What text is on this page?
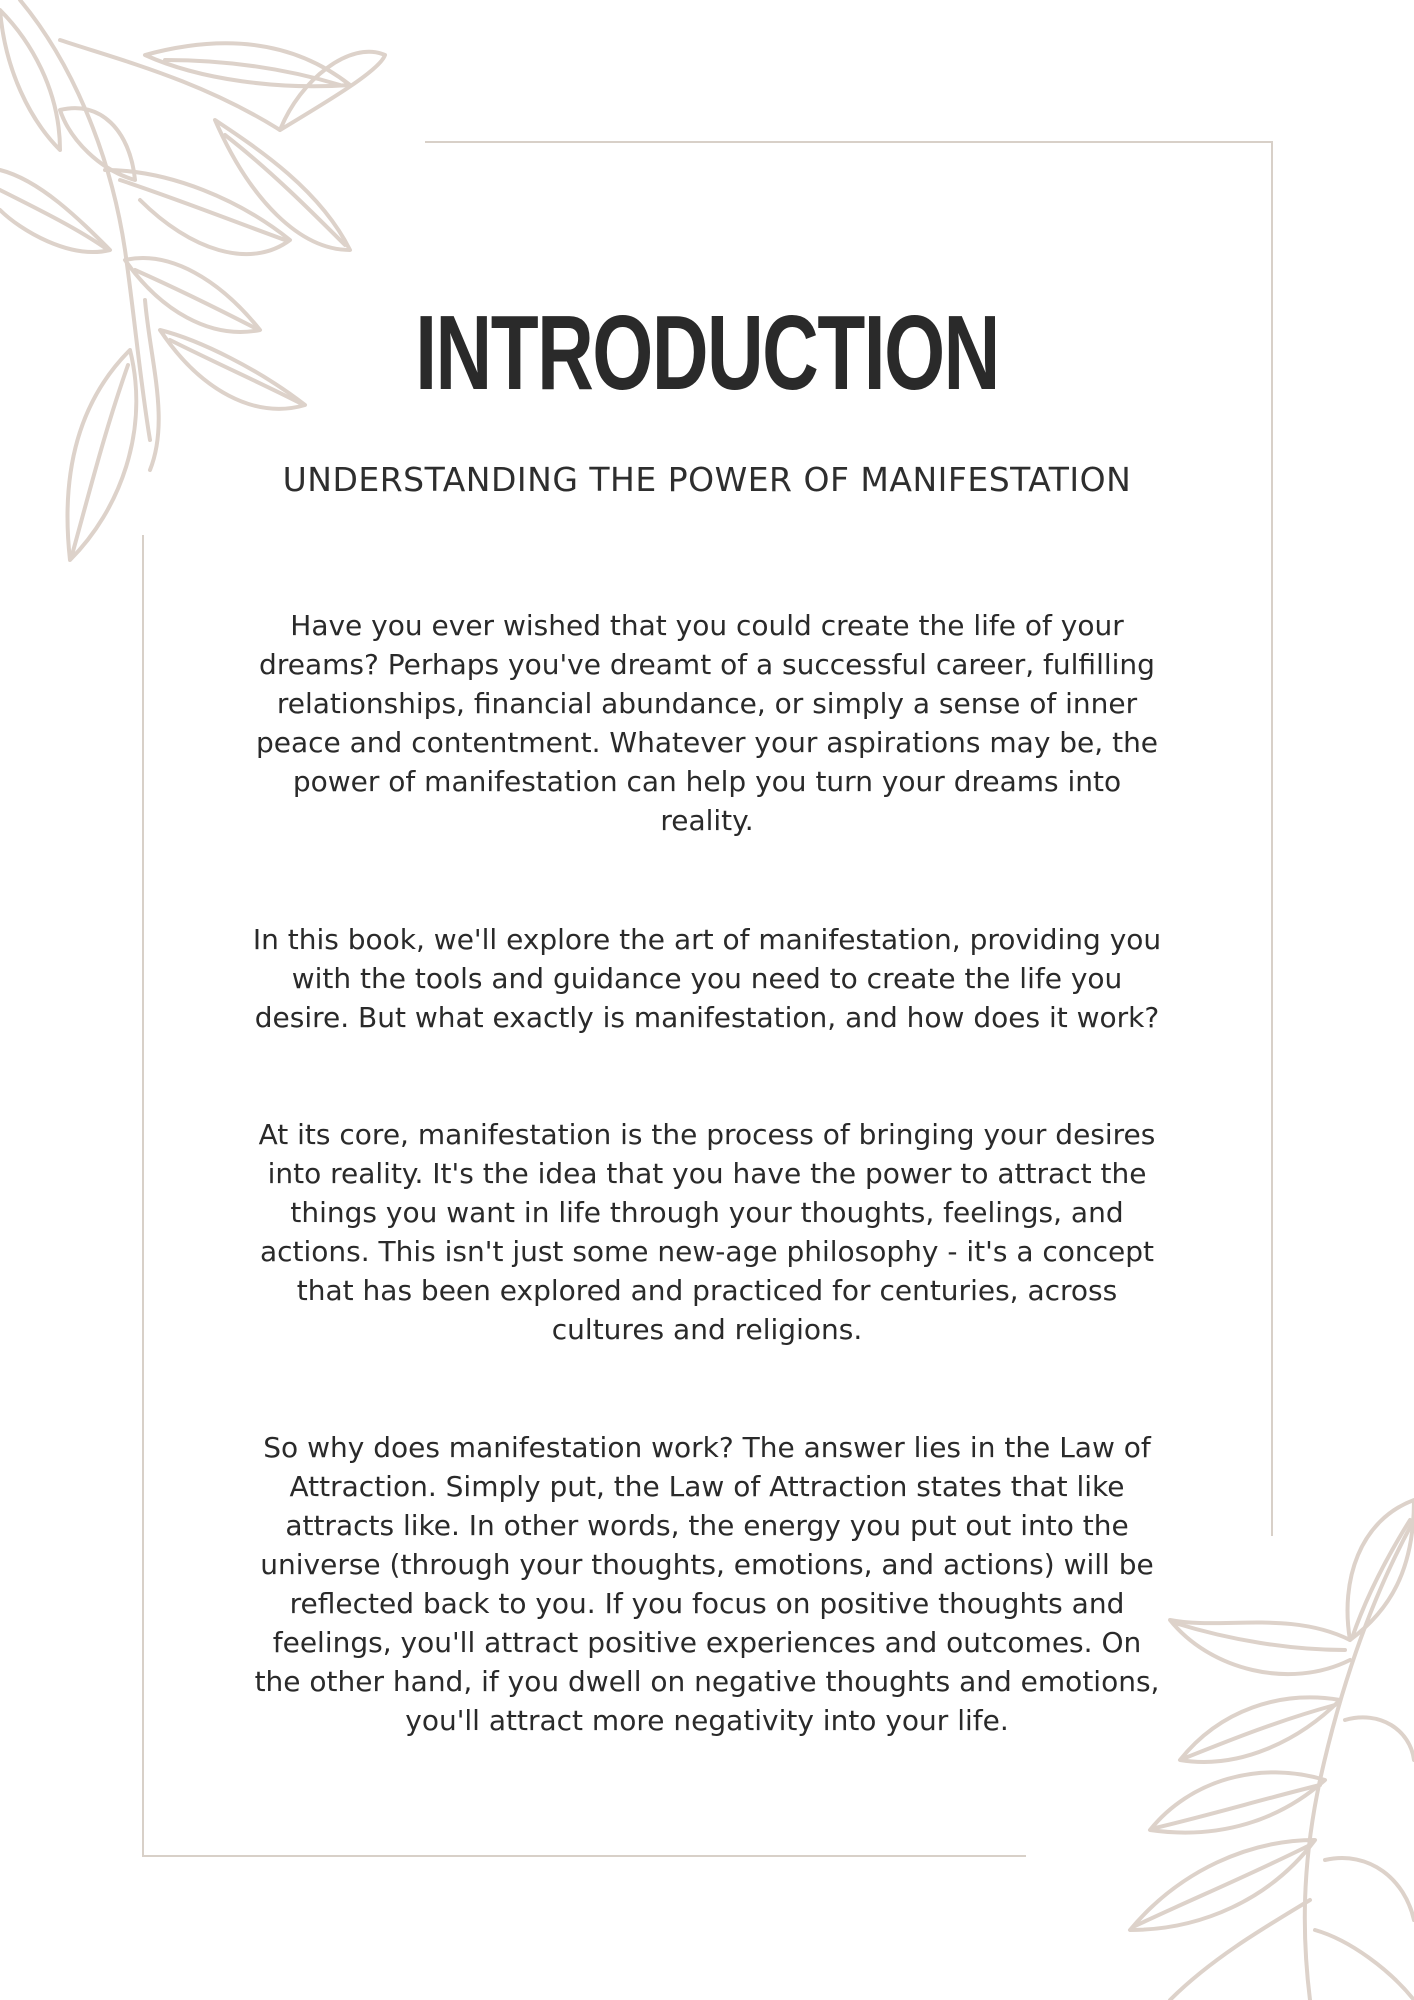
INTRODUCTION
UNDERSTANDING THE POWER OF MANIFESTATION

Have you ever wished that you could create the life of your dreams? Perhaps you've dreamt of a successful career, fulfilling relationships, financial abundance, or simply a sense of inner peace and contentment. Whatever your aspirations may be, the power of manifestation can help you turn your dreams into reality.

In this book, we'll explore the art of manifestation, providing you with the tools and guidance you need to create the life you desire. But what exactly is manifestation, and how does it work?

At its core, manifestation is the process of bringing your desires into reality. It's the idea that you have the power to attract the things you want in life through your thoughts, feelings, and actions. This isn't just some new-age philosophy - it's a concept that has been explored and practiced for centuries, across cultures and religions.

So why does manifestation work? The answer lies in the Law of Attraction. Simply put, the Law of Attraction states that like attracts like. In other words, the energy you put out into the universe (through your thoughts, emotions, and actions) will be reflected back to you. If you focus on positive thoughts and feelings, you'll attract positive experiences and outcomes. On the other hand, if you dwell on negative thoughts and emotions, you'll attract more negativity into your life.
